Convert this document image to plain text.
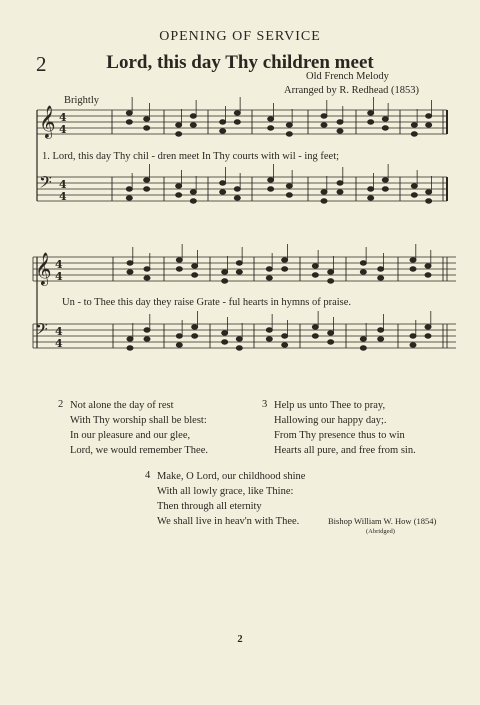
OPENING OF SERVICE
2	Lord, this day Thy children meet
Old French Melody
Arranged by R. Redhead (1853)
Brightly
𝄞 4
4
𝄢 4
4
𝄞 4
4
𝄢 4
4
1. Lord, this day Thy chil - dren meet In Thy courts with wil - ing feet;
Un - to Thee this day they raise Grate - ful hearts in hymns of praise.
2 Not alone the day of rest
With Thy worship shall be blest:
In our pleasure and our glee,
Lord, we would remember Thee.
3 Help us unto Thee to pray,
Hallowing our happy day;.
From Thy presence thus to win
Hearts all pure, and free from sin.
4 Make, O Lord, our childhood shine
With all lowly grace, like Thine:
Then through all eternity
We shall live in heav'n with Thee.	Bishop William W. How (1854)
(Abridged)
2
